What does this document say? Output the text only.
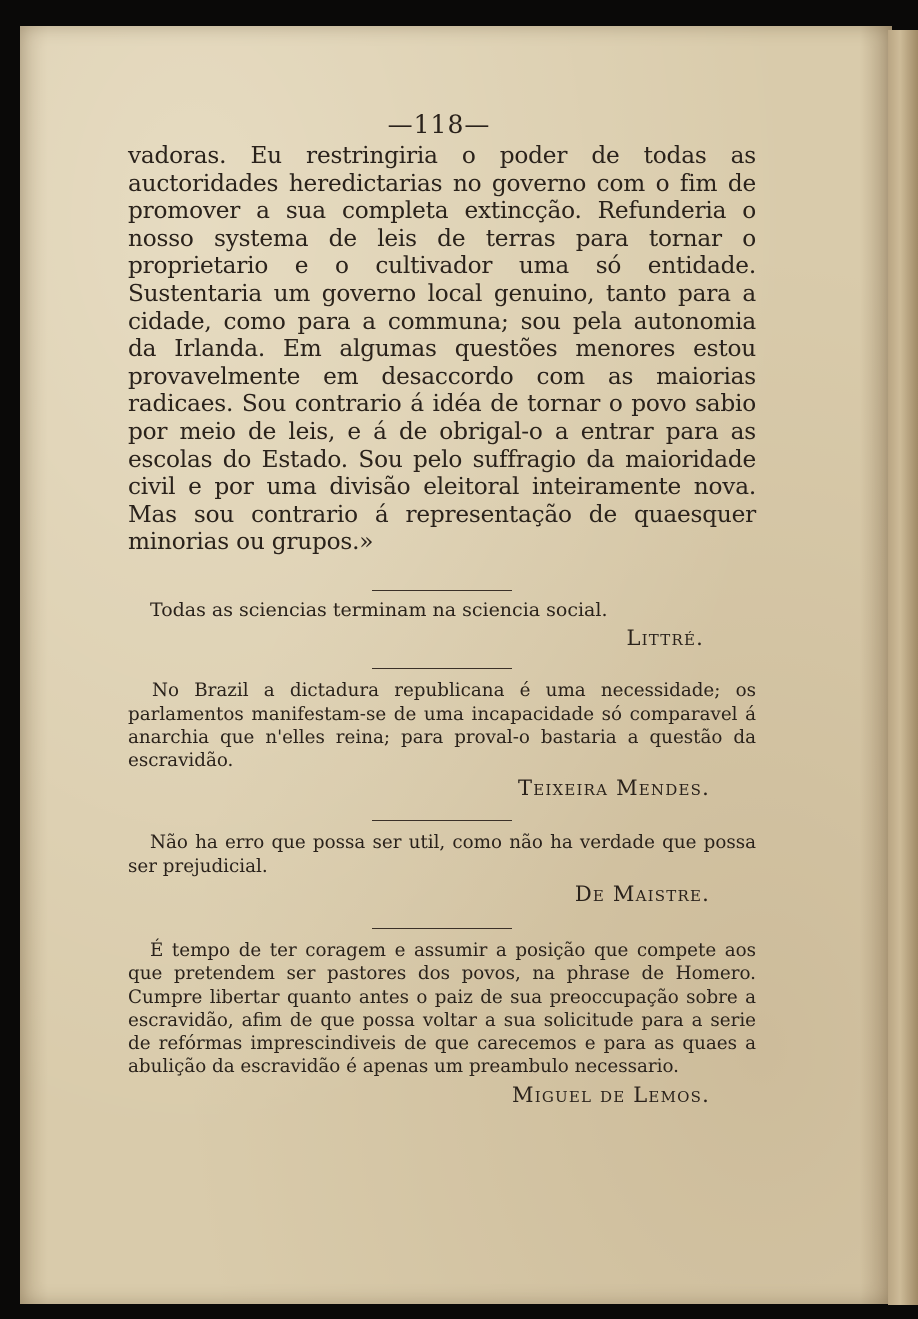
—118—

vadoras. Eu restringiria o poder de todas as auctoridades heredictarias no governo com o fim de promover a sua completa extincção. Refunderia o nosso systema de leis de terras para tornar o proprietario e o cultivador uma só entidade. Sustentaria um governo local genuino, tanto para a cidade, como para a communa; sou pela autonomia da Irlanda. Em algumas questões menores estou provavelmente em desaccordo com as maiorias radicaes. Sou contrario á idéa de tornar o povo sabio por meio de leis, e á de obrigal-o a entrar para as escolas do Estado. Sou pelo suffragio da maioridade civil e por uma divisão eleitoral inteiramente nova. Mas sou contrario á representação de quaesquer minorias ou grupos.»

Todas as sciencias terminam na sciencia social.

Littré.

No Brazil a dictadura republicana é uma necessidade; os parlamentos manifestam-se de uma incapacidade só comparavel á anarchia que n'elles reina; para proval-o bastaria a questão da escravidão.

Teixeira Mendes.

Não ha erro que possa ser util, como não ha verdade que possa ser prejudicial.

De Maistre.

É tempo de ter coragem e assumir a posição que compete aos que pretendem ser pastores dos povos, na phrase de Homero. Cumpre libertar quanto antes o paiz de sua preoccupação sobre a escravidão, afim de que possa voltar a sua solicitude para a serie de refórmas imprescindiveis de que carecemos e para as quaes a abulição da escravidão é apenas um preambulo necessario.

Miguel de Lemos.
